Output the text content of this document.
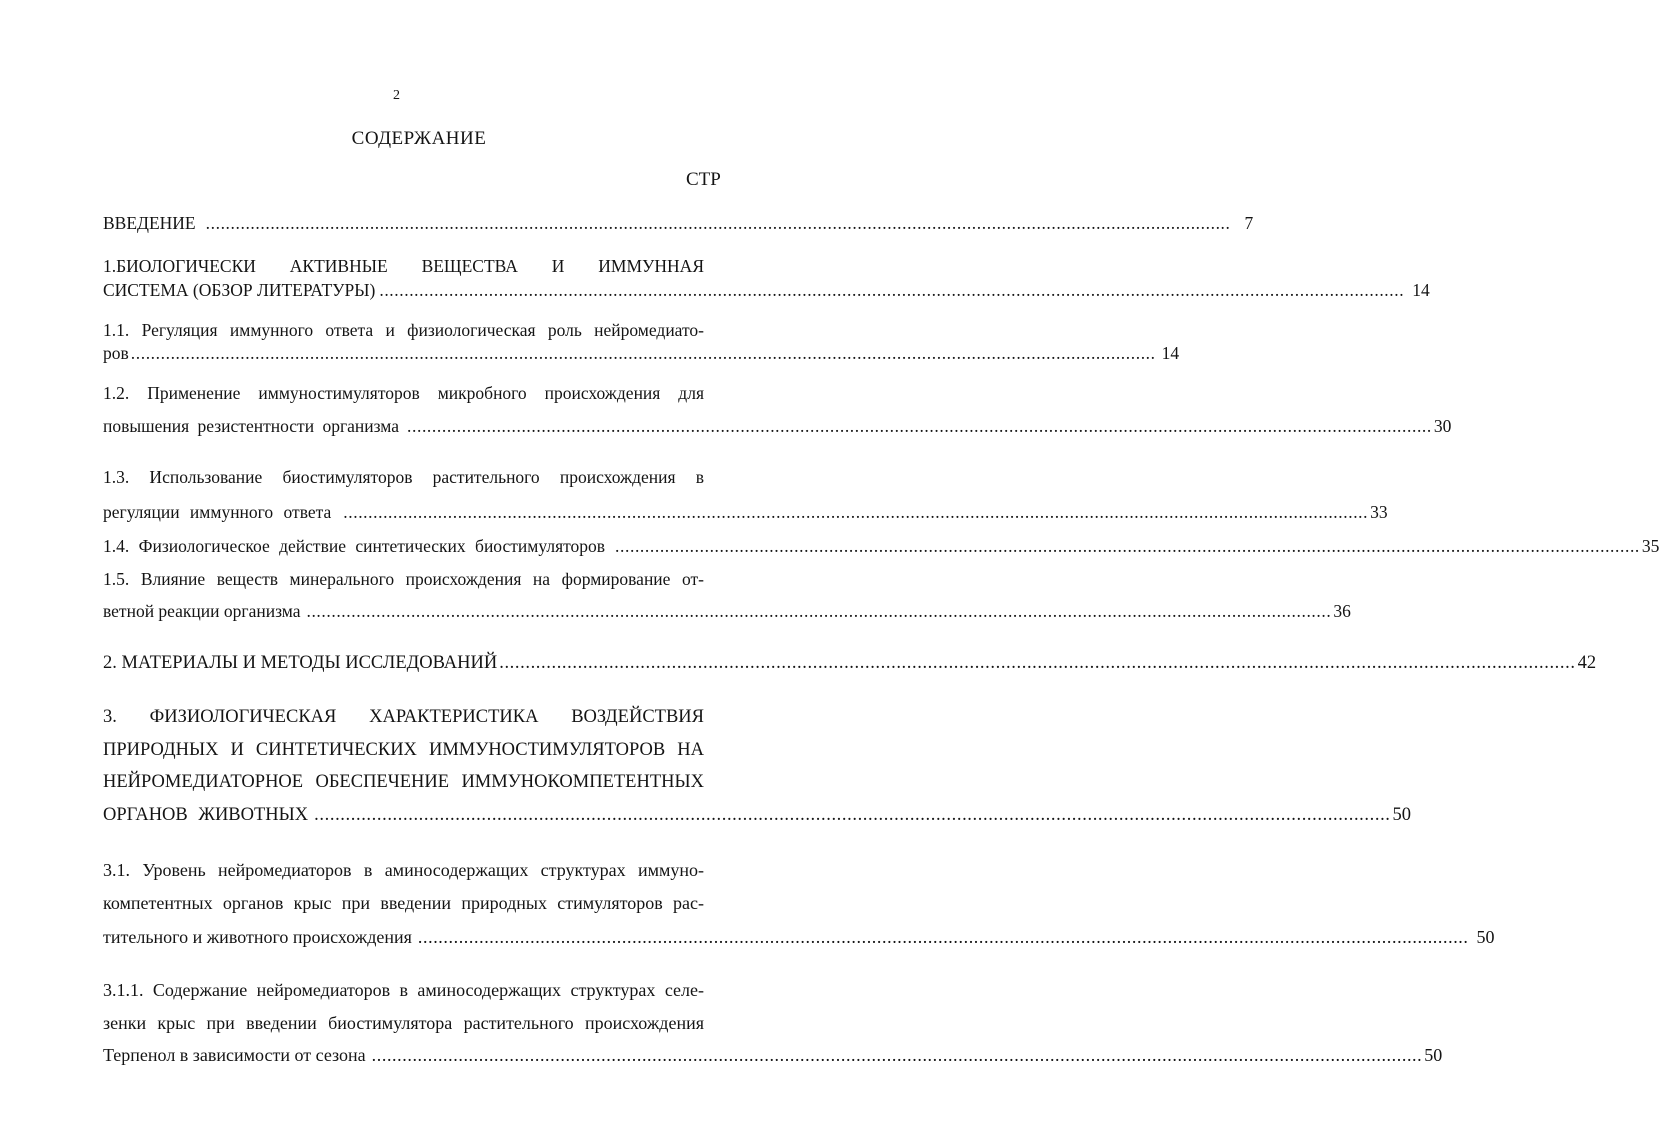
2
СОДЕРЖАНИЕ
СТР
ВВЕДЕНИЕ .............................................................................................................................................................................................................. 7
1.БИОЛОГИЧЕСКИ АКТИВНЫЕ ВЕЩЕСТВА И ИММУННАЯ
СИСТЕМА (ОБЗОР ЛИТЕРАТУРЫ) .............................................................................................................................................................................................................. 14
1.1. Регуляция иммунного ответа и физиологическая роль нейромедиато-
ров .............................................................................................................................................................................................................. 14
1.2. Применение иммуностимуляторов микробного происхождения для
повышения резистентности организма .............................................................................................................................................................................................................. 30
1.3. Использование биостимуляторов растительного происхождения в
регуляции иммунного ответа .............................................................................................................................................................................................................. 33
1.4. Физиологическое действие синтетических биостимуляторов .............................................................................................................................................................................................................. 35
1.5. Влияние веществ минерального происхождения на формирование от-
ветной реакции организма .............................................................................................................................................................................................................. 36
2. МАТЕРИАЛЫ И МЕТОДЫ ИССЛЕДОВАНИЙ .............................................................................................................................................................................................................. 42
3. ФИЗИОЛОГИЧЕСКАЯ ХАРАКТЕРИСТИКА ВОЗДЕЙСТВИЯ
ПРИРОДНЫХ И СИНТЕТИЧЕСКИХ ИММУНОСТИМУЛЯТОРОВ НА
НЕЙРОМЕДИАТОРНОЕ ОБЕСПЕЧЕНИЕ ИММУНОКОМПЕТЕНТНЫХ
ОРГАНОВ ЖИВОТНЫХ .............................................................................................................................................................................................................. 50
3.1. Уровень нейромедиаторов в аминосодержащих структурах иммуно-
компетентных органов крыс при введении природных стимуляторов рас-
тительного и животного происхождения .............................................................................................................................................................................................................. 50
3.1.1. Содержание нейромедиаторов в аминосодержащих структурах селе-
зенки крыс при введении биостимулятора растительного происхождения
Терпенол в зависимости от сезона .............................................................................................................................................................................................................. 50
